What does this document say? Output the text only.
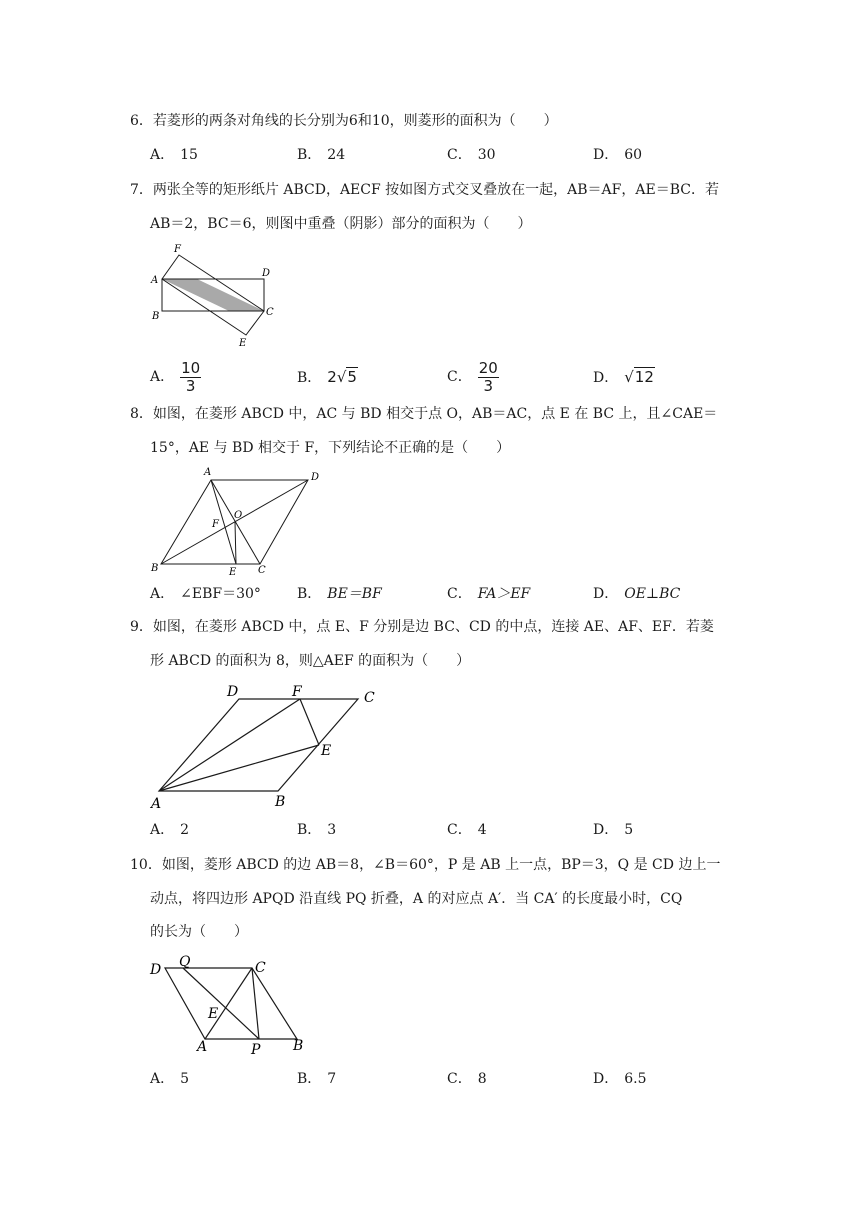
6．若菱形的两条对角线的长分别为6和10，则菱形的面积为（　　）
A． 15	B． 24	C． 30	D． 60
7．两张全等的矩形纸片 ABCD，AECF 按如图方式交叉叠放在一起，AB＝AF，AE＝BC．若
AB＝2，BC＝6，则图中重叠（阴影）部分的面积为（　　）
F
A
D
B	C
E
A． $\frac{10}{3}$	B． 2√5	C． $\frac{20}{3}$	D． √12
8．如图，在菱形 ABCD 中，AC 与 BD 相交于点 O，AB＝AC，点 E 在 BC 上，且∠CAE＝
15°，AE 与 BD 相交于 F，下列结论不正确的是（　　）
A	D
F
O
B	E C
A． ∠EBF＝30°	B． BE＝BF	C． FA＞EF	D． OE⊥BC
9．如图，在菱形 ABCD 中，点 E、F 分别是边 BC、CD 的中点，连接 AE、AF、EF．若菱
形 ABCD 的面积为 8，则△AEF 的面积为（　　）
D	F	C
E
A	B
A． 2	B． 3	C． 4	D． 5
10．如图，菱形 ABCD 的边 AB＝8，∠B＝60°，P 是 AB 上一点，BP＝3，Q 是 CD 边上一
动点，将四边形 APQD 沿直线 PQ 折叠，A 的对应点 A′．当 CA′ 的长度最小时，CQ
的长为（　　）
D Q	C
E
A	P B
A． 5	B． 7	C． 8	D． 6.5
